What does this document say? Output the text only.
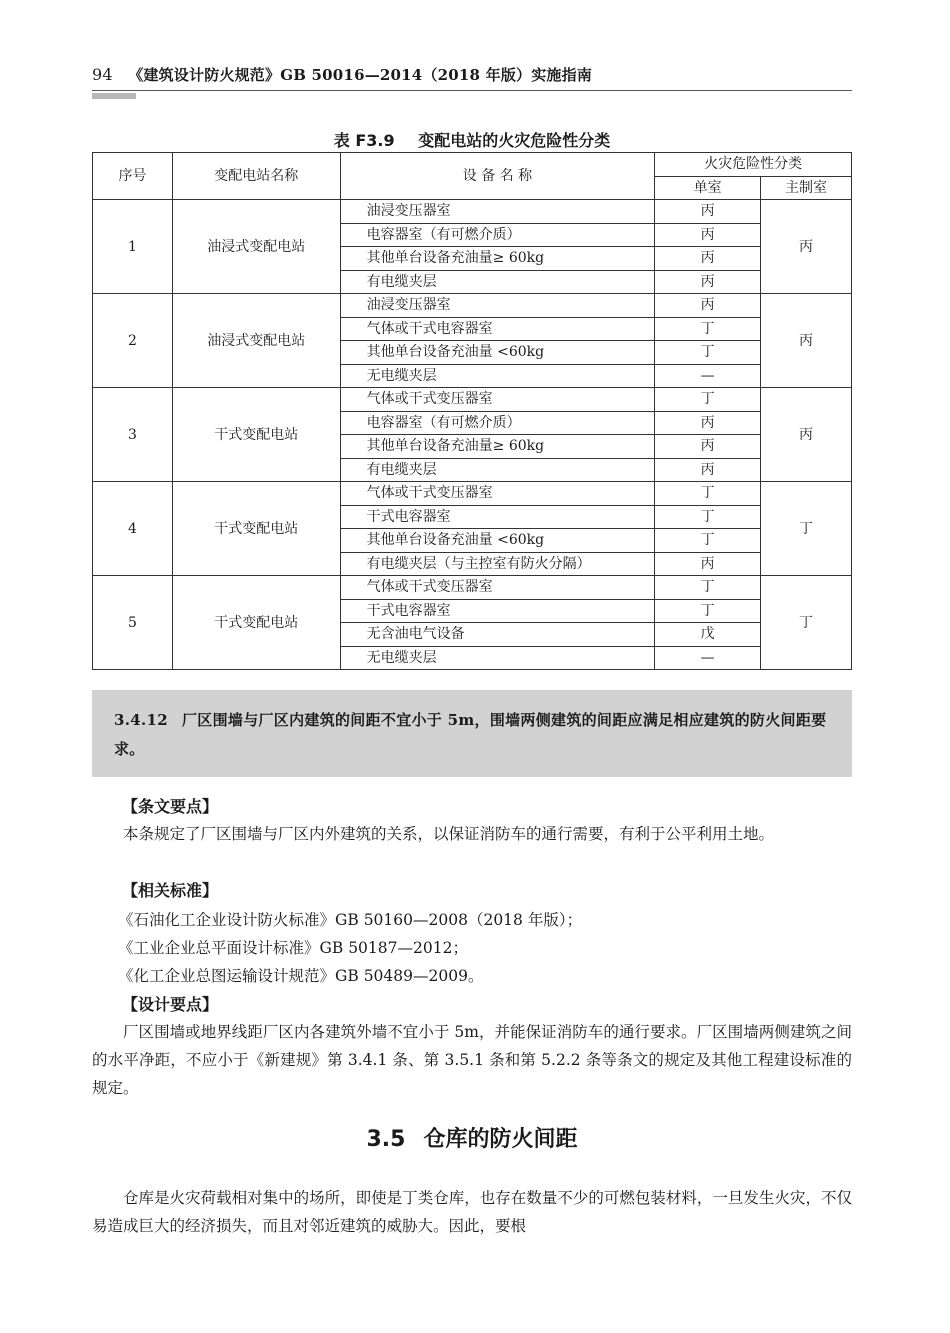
94 《建筑设计防火规范》GB 50016—2014（2018 年版）实施指南
表 F3.9 变配电站的火灾危险性分类
序号	变配电站名称	设 备 名 称	火灾危险性分类	
			单室	主制室
1	油浸式变配电站	油浸变压器室	丙	丙
		电容器室（有可燃介质）	丙	
		其他单台设备充油量≥ 60kg	丙	
		有电缆夹层	丙	
2	油浸式变配电站	油浸变压器室	丙	丙
		气体或干式电容器室	丁	
		其他单台设备充油量 <60kg	丁	
		无电缆夹层	—	
3	干式变配电站	气体或干式变压器室	丁	丙
		电容器室（有可燃介质）	丙	
		其他单台设备充油量≥ 60kg	丙	
		有电缆夹层	丙	
4	干式变配电站	气体或干式变压器室	丁	丁
		干式电容器室	丁	
		其他单台设备充油量 <60kg	丁	
		有电缆夹层（与主控室有防火分隔）	丙	
5	干式变配电站	气体或干式变压器室	丁	丁
		干式电容器室	丁	
		无含油电气设备	戊	
		无电缆夹层	—	
3.4.12 厂区围墙与厂区内建筑的间距不宜小于 5m，围墙两侧建筑的间距应满足相应建筑的防火间距要求。
【条文要点】
本条规定了厂区围墙与厂区内外建筑的关系，以保证消防车的通行需要，有利于公平利用土地。
【相关标准】
《石油化工企业设计防火标准》GB 50160—2008（2018 年版）；
《工业企业总平面设计标准》GB 50187—2012；
《化工企业总图运输设计规范》GB 50489—2009。
【设计要点】
厂区围墙或地界线距厂区内各建筑外墙不宜小于 5m，并能保证消防车的通行要求。厂区围墙两侧建筑之间的水平净距，不应小于《新建规》第 3.4.1 条、第 3.5.1 条和第 5.2.2 条等条文的规定及其他工程建设标准的规定。
3.5 仓库的防火间距
仓库是火灾荷载相对集中的场所，即使是丁类仓库，也存在数量不少的可燃包装材料，一旦发生火灾，不仅易造成巨大的经济损失，而且对邻近建筑的威胁大。因此，要根
